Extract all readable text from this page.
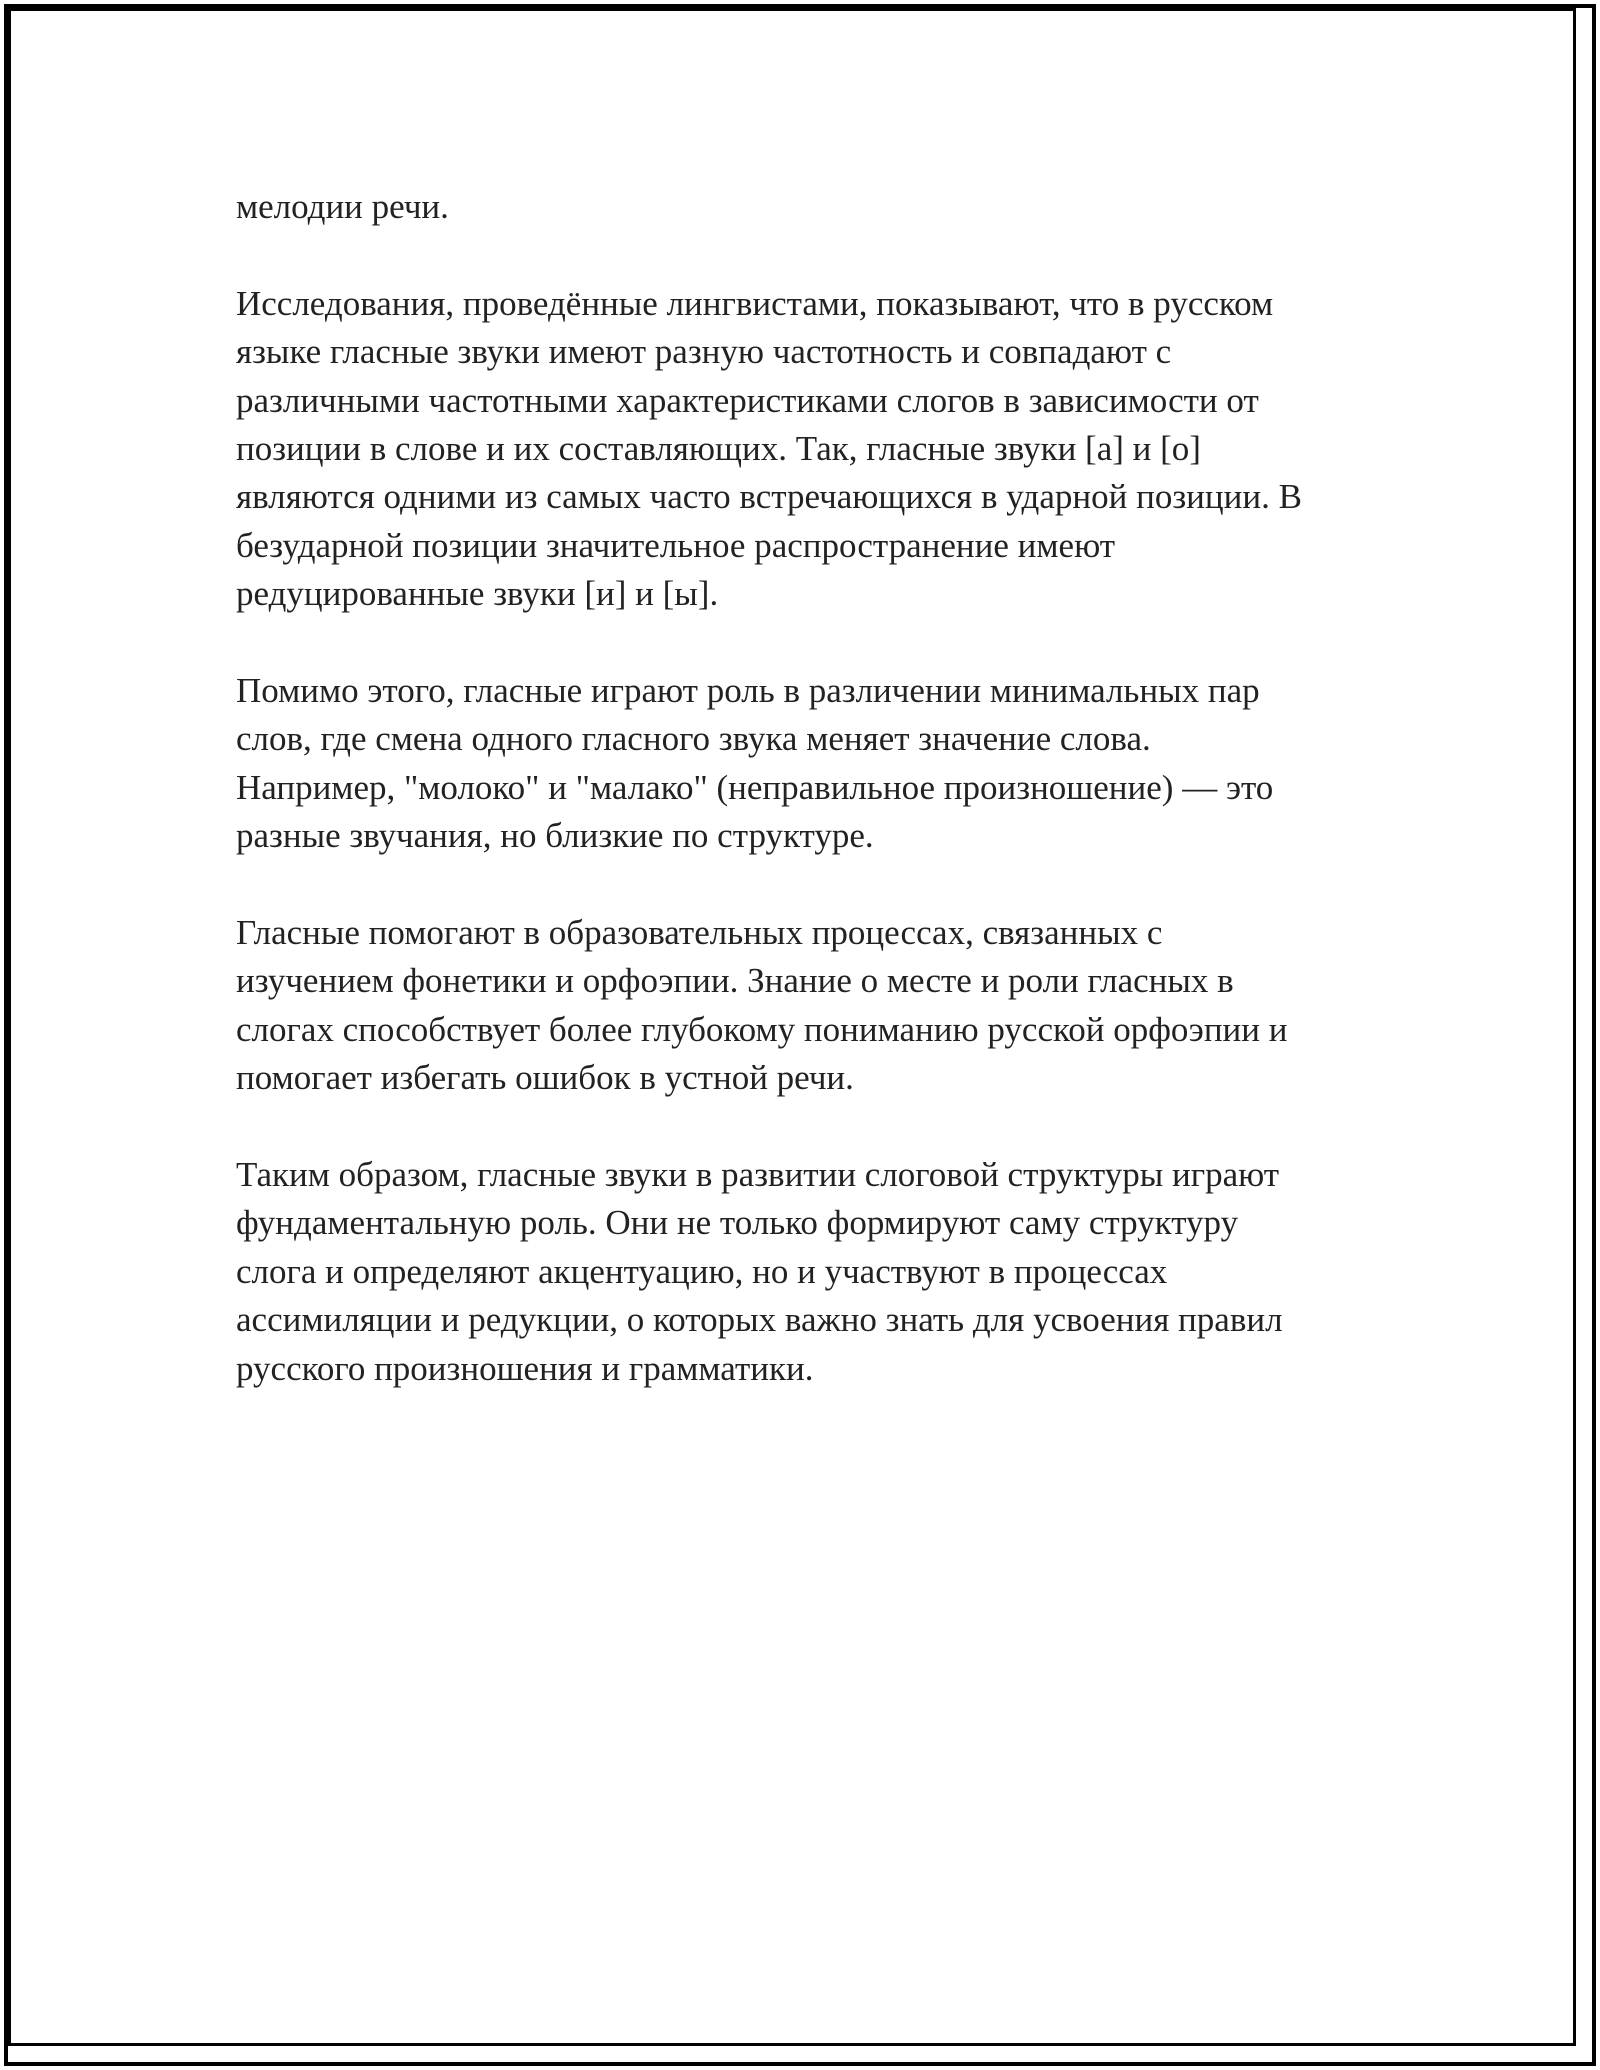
мелодии речи.

Исследования, проведённые лингвистами, показывают, что в русском
языке гласные звуки имеют разную частотность и совпадают с
различными частотными характеристиками слогов в зависимости от
позиции в слове и их составляющих. Так, гласные звуки [а] и [о]
являются одними из самых часто встречающихся в ударной позиции. В
безударной позиции значительное распространение имеют
редуцированные звуки [и] и [ы].

Помимо этого, гласные играют роль в различении минимальных пар
слов, где смена одного гласного звука меняет значение слова.
Например, "молоко" и "малако" (неправильное произношение) — это
разные звучания, но близкие по структуре.

Гласные помогают в образовательных процессах, связанных с
изучением фонетики и орфоэпии. Знание о месте и роли гласных в
слогах способствует более глубокому пониманию русской орфоэпии и
помогает избегать ошибок в устной речи.

Таким образом, гласные звуки в развитии слоговой структуры играют
фундаментальную роль. Они не только формируют саму структуру
слога и определяют акцентуацию, но и участвуют в процессах
ассимиляции и редукции, о которых важно знать для усвоения правил
русского произношения и грамматики.
